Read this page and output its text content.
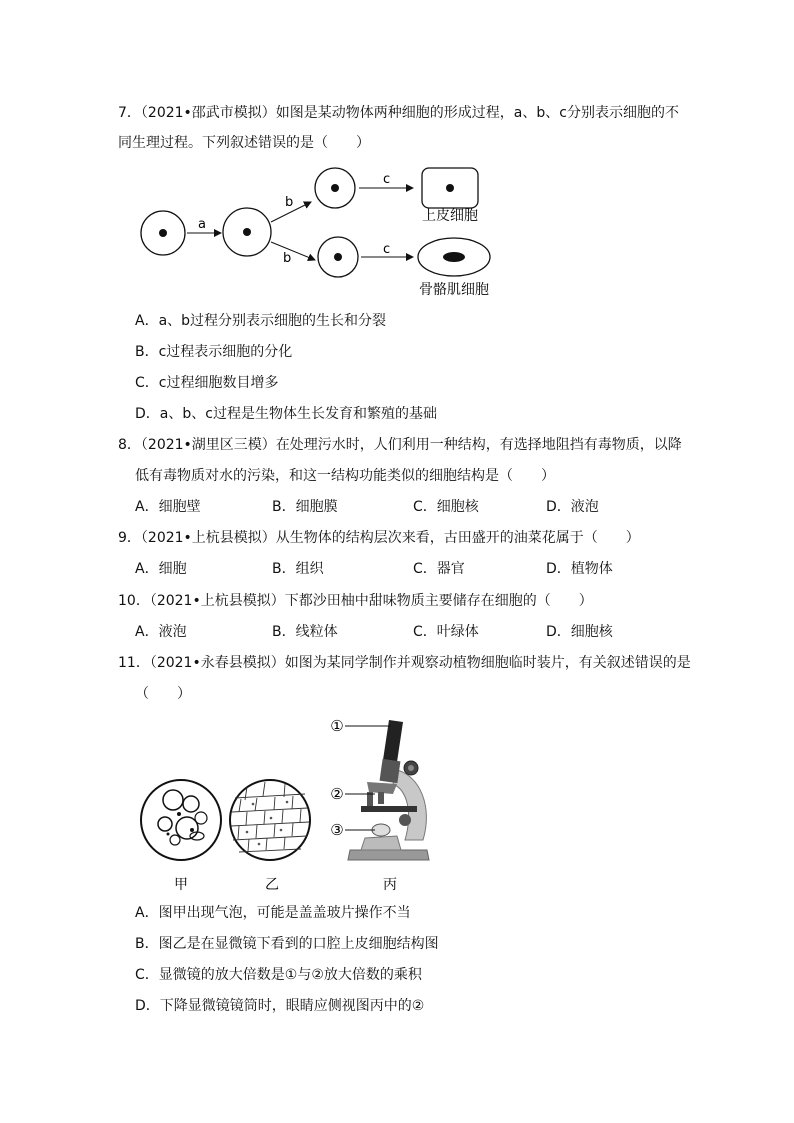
7．（2021•邵武市模拟）如图是某动物体两种细胞的形成过程，a、b、c分别表示细胞的不
同生理过程。下列叙述错误的是（　　）
a
b
b
c
上皮细胞
c
骨骼肌细胞
A．a、b过程分别表示细胞的生长和分裂
B．c过程表示细胞的分化
C．c过程细胞数目增多
D．a、b、c过程是生物体生长发育和繁殖的基础
8．（2021•湖里区三模）在处理污水时，人们利用一种结构，有选择地阻挡有毒物质，以降
低有毒物质对水的污染，和这一结构功能类似的细胞结构是（　　）
A．细胞壁	B．细胞膜	C．细胞核	D．液泡
9．（2021•上杭县模拟）从生物体的结构层次来看，古田盛开的油菜花属于（　　）
A．细胞	B．组织	C．器官	D．植物体
10．（2021•上杭县模拟）下都沙田柚中甜味物质主要储存在细胞的（　　）
A．液泡	B．线粒体	C．叶绿体	D．细胞核
11．（2021•永春县模拟）如图为某同学制作并观察动植物细胞临时装片，有关叙述错误的是
（　　）
①
②
③
甲	乙	丙
A．图甲出现气泡，可能是盖盖玻片操作不当
B．图乙是在显微镜下看到的口腔上皮细胞结构图
C．显微镜的放大倍数是①与②放大倍数的乘积
D．下降显微镜镜筒时，眼睛应侧视图丙中的②
